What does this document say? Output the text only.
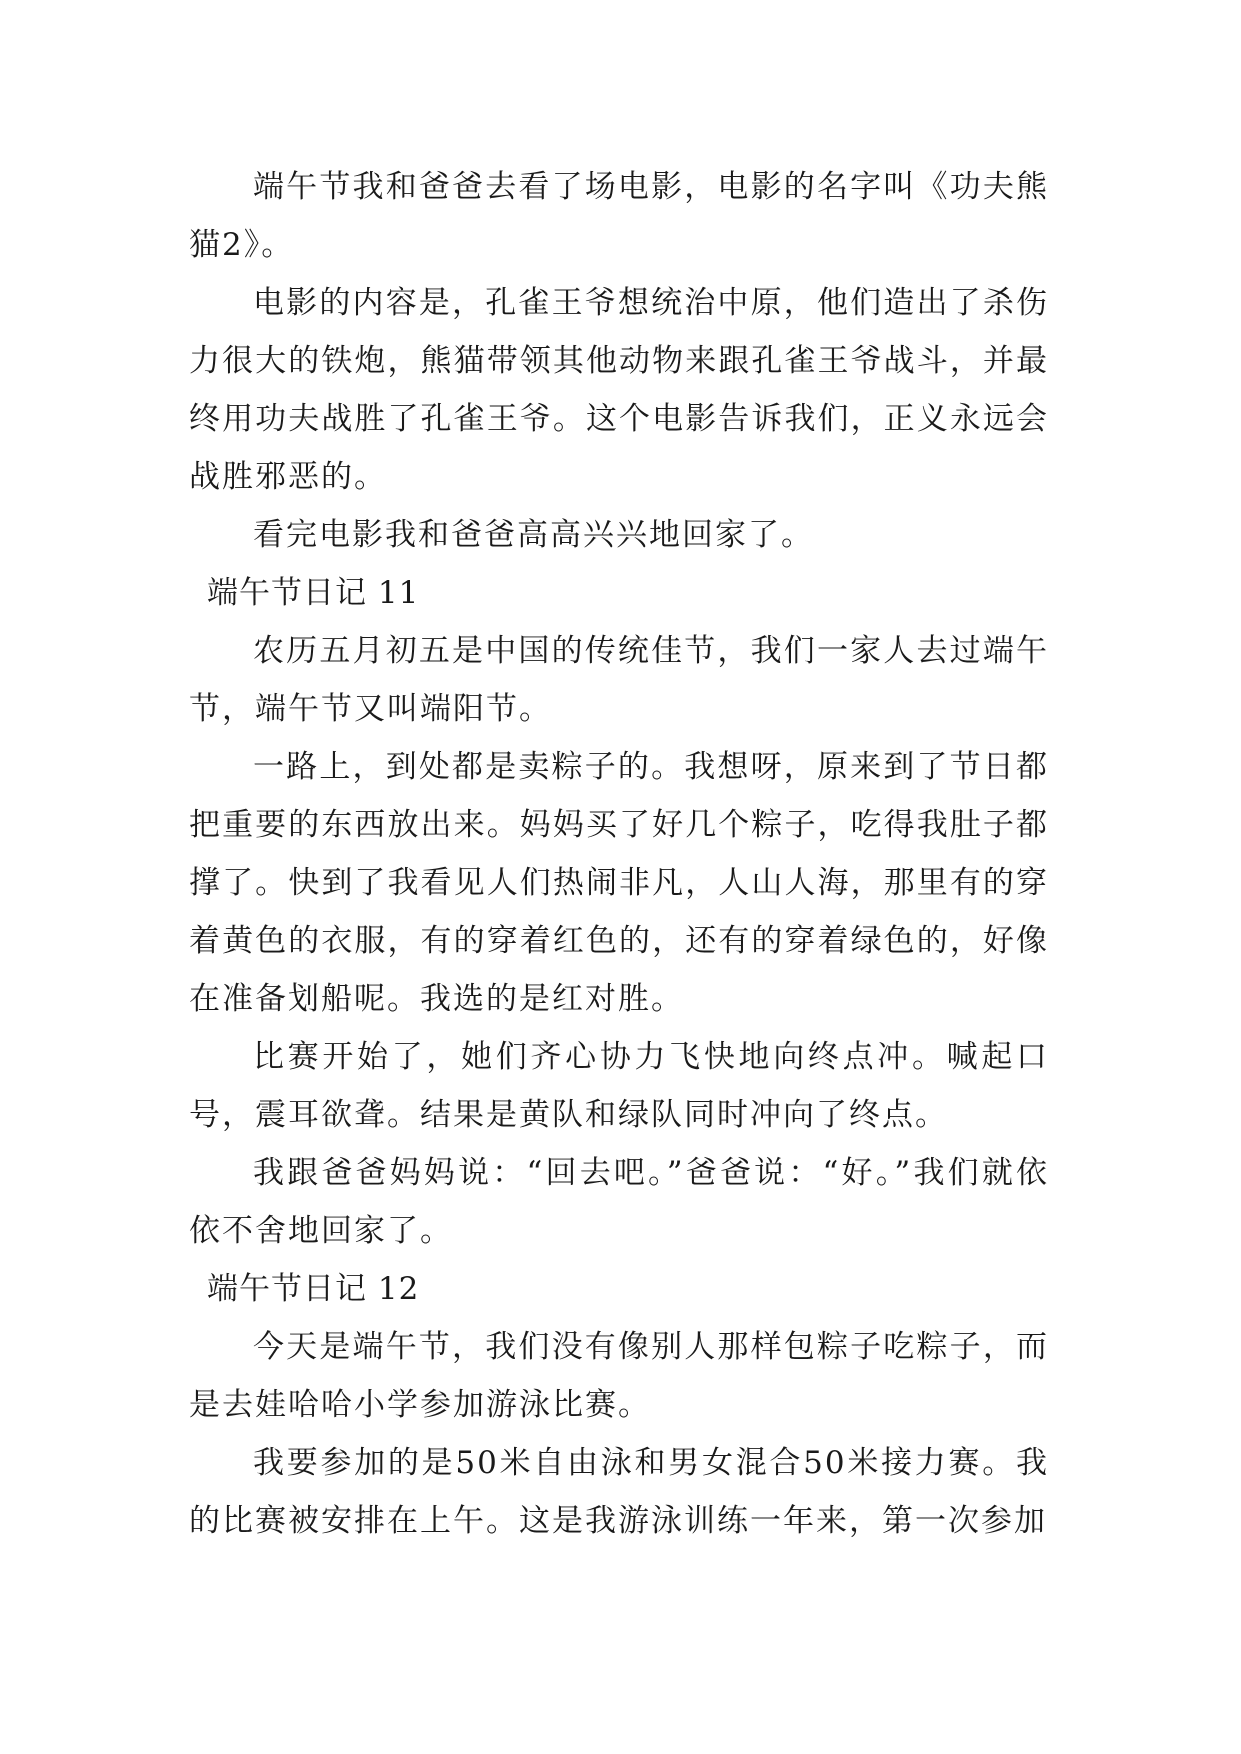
端午节我和爸爸去看了场电影，电影的名字叫《功夫熊猫2》。

电影的内容是，孔雀王爷想统治中原，他们造出了杀伤力很大的铁炮，熊猫带领其他动物来跟孔雀王爷战斗，并最终用功夫战胜了孔雀王爷。这个电影告诉我们，正义永远会战胜邪恶的。

看完电影我和爸爸高高兴兴地回家了。

端午节日记 11

农历五月初五是中国的传统佳节，我们一家人去过端午节，端午节又叫端阳节。

一路上，到处都是卖粽子的。我想呀，原来到了节日都把重要的东西放出来。妈妈买了好几个粽子，吃得我肚子都撑了。快到了我看见人们热闹非凡，人山人海，那里有的穿着黄色的衣服，有的穿着红色的，还有的穿着绿色的，好像在准备划船呢。我选的是红对胜。

比赛开始了，她们齐心协力飞快地向终点冲。喊起口号，震耳欲聋。结果是黄队和绿队同时冲向了终点。

我跟爸爸妈妈说：“回去吧。”爸爸说：“好。”我们就依依不舍地回家了。

端午节日记 12

今天是端午节，我们没有像别人那样包粽子吃粽子，而是去娃哈哈小学参加游泳比赛。

我要参加的是50米自由泳和男女混合50米接力赛。我的比赛被安排在上午。这是我游泳训练一年来，第一次参加
